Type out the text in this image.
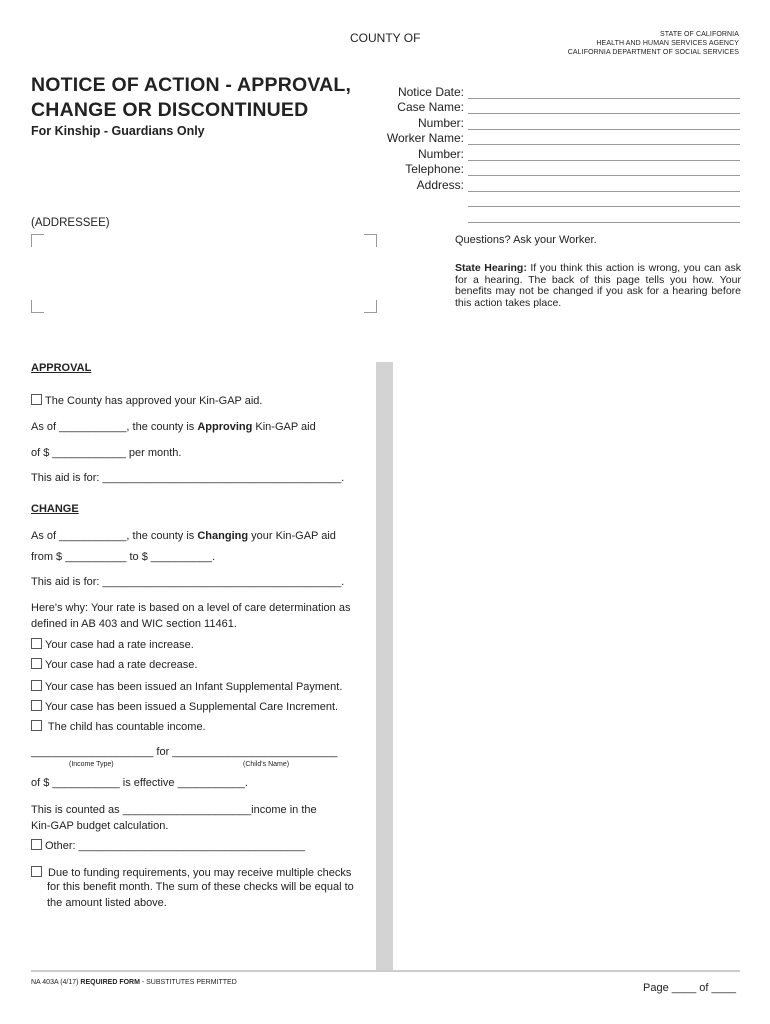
COUNTY OF	STATE OF CALIFORNIA
HEALTH AND HUMAN SERVICES AGENCY
CALIFORNIA DEPARTMENT OF SOCIAL SERVICES
NOTICE OF ACTION - APPROVAL,
CHANGE OR DISCONTINUED
For Kinship - Guardians Only
Notice Date:
Case Name:
Number:
Worker Name:
Number:
Telephone:
Address:
(ADDRESSEE)
Questions? Ask your Worker.
State Hearing: If you think this action is wrong, you can ask for a hearing. The back of this page tells you how. Your benefits may not be changed if you ask for a hearing before this action takes place.
APPROVAL
The County has approved your Kin-GAP aid.
As of ___________, the county is Approving Kin-GAP aid
of $ ____________ per month.
This aid is for: _______________________________________.
CHANGE
As of ___________, the county is Changing your Kin-GAP aid
from $ __________ to $ __________.
This aid is for: _______________________________________.
Here's why: Your rate is based on a level of care determination as
defined in AB 403 and WIC section 11461.
Your case had a rate increase.
Your case had a rate decrease.
Your case has been issued an Infant Supplemental Payment.
Your case has been issued a Supplemental Care Increment.
The child has countable income.
____________________ for ___________________________
(Income Type)	(Child's Name)
of $ ___________ is effective ___________.
This is counted as _____________________income in the
Kin-GAP budget calculation.
Other: _____________________________________
Due to funding requirements, you may receive multiple checks
for this benefit month. The sum of these checks will be equal to
the amount listed above.
NA 403A (4/17) REQUIRED FORM - SUBSTITUTES PERMITTED	Page ____ of ____
